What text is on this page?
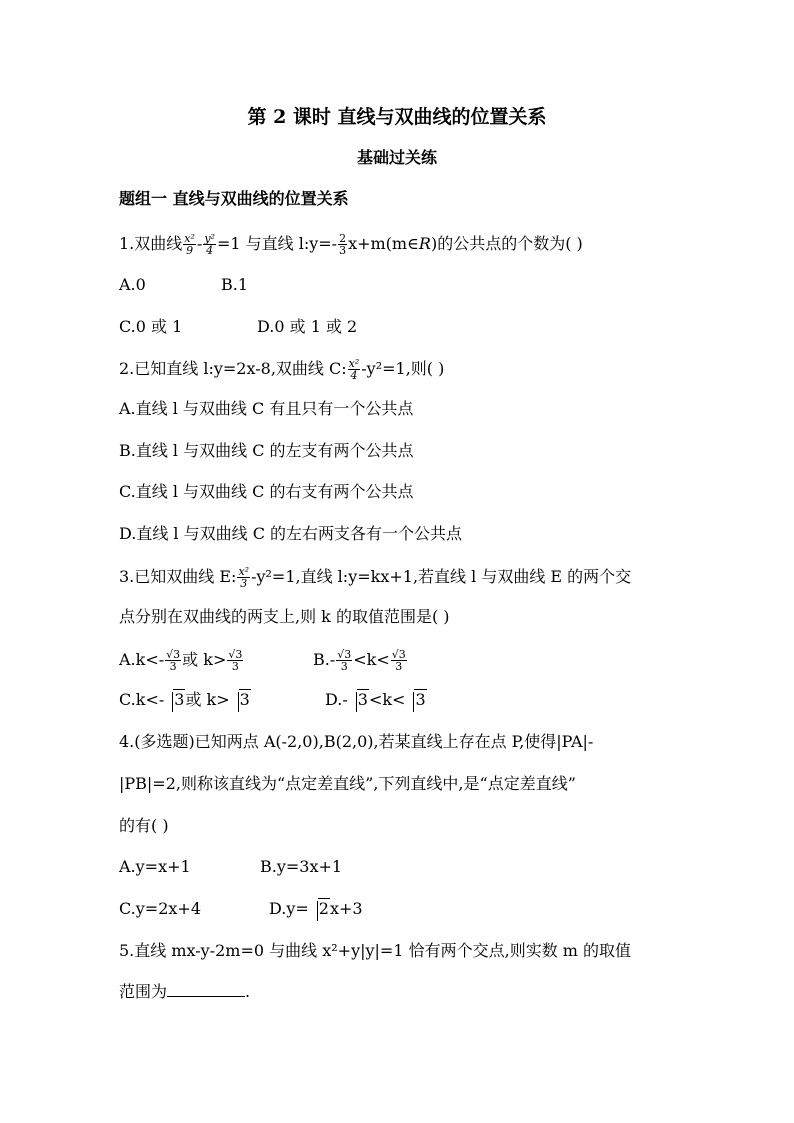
第 2 课时 直线与双曲线的位置关系
基础过关练
题组一 直线与双曲线的位置关系
1.双曲线 $\frac{\text{x²}}{9} - \frac{\text{y²}}{4} =1$ 与直线 l:y=- $\frac{2}{3}$ x+m(m∈R)的公共点的个数为( )
A.0	B.1
C.0 或 1	D.0 或 1 或 2
2.已知直线 l:y=2x-8,双曲线 C: $\frac{\text{x²}}{4} -y^2=1$,则( )
A.直线 l 与双曲线 C 有且只有一个公共点
B.直线 l 与双曲线 C 的左支有两个公共点
C.直线 l 与双曲线 C 的右支有两个公共点
D.直线 l 与双曲线 C 的左右两支各有一个公共点
3.已知双曲线 E: $\frac{\text{x²}}{3} -y^2=1$,直线 l:y=kx+1,若直线 l 与双曲线 E 的两个交
点分别在双曲线的两支上,则 k 的取值范围是( )
$A.k<- \frac{√3}{3}$ 或 $k> \frac{√3}{3}$	$B.- \frac{√3}{3} <k< \frac{√3}{3}$
C.k<- 3或 k> 3	D.- 3<k< 3
4.(多选题)已知两点 A(-2,0),B(2,0),若某直线上存在点 P,使得|PA|-
|PB|=2,则称该直线为“点定差直线”,下列直线中,是“点定差直线”
的有( )
A.y=x+1	B.y=3x+1
C.y=2x+4	D.y= 2x+3
5.直线 mx-y-2m=0 与曲线 x²+y|y|=1 恰有两个交点,则实数 m 的取值
范围为	.
